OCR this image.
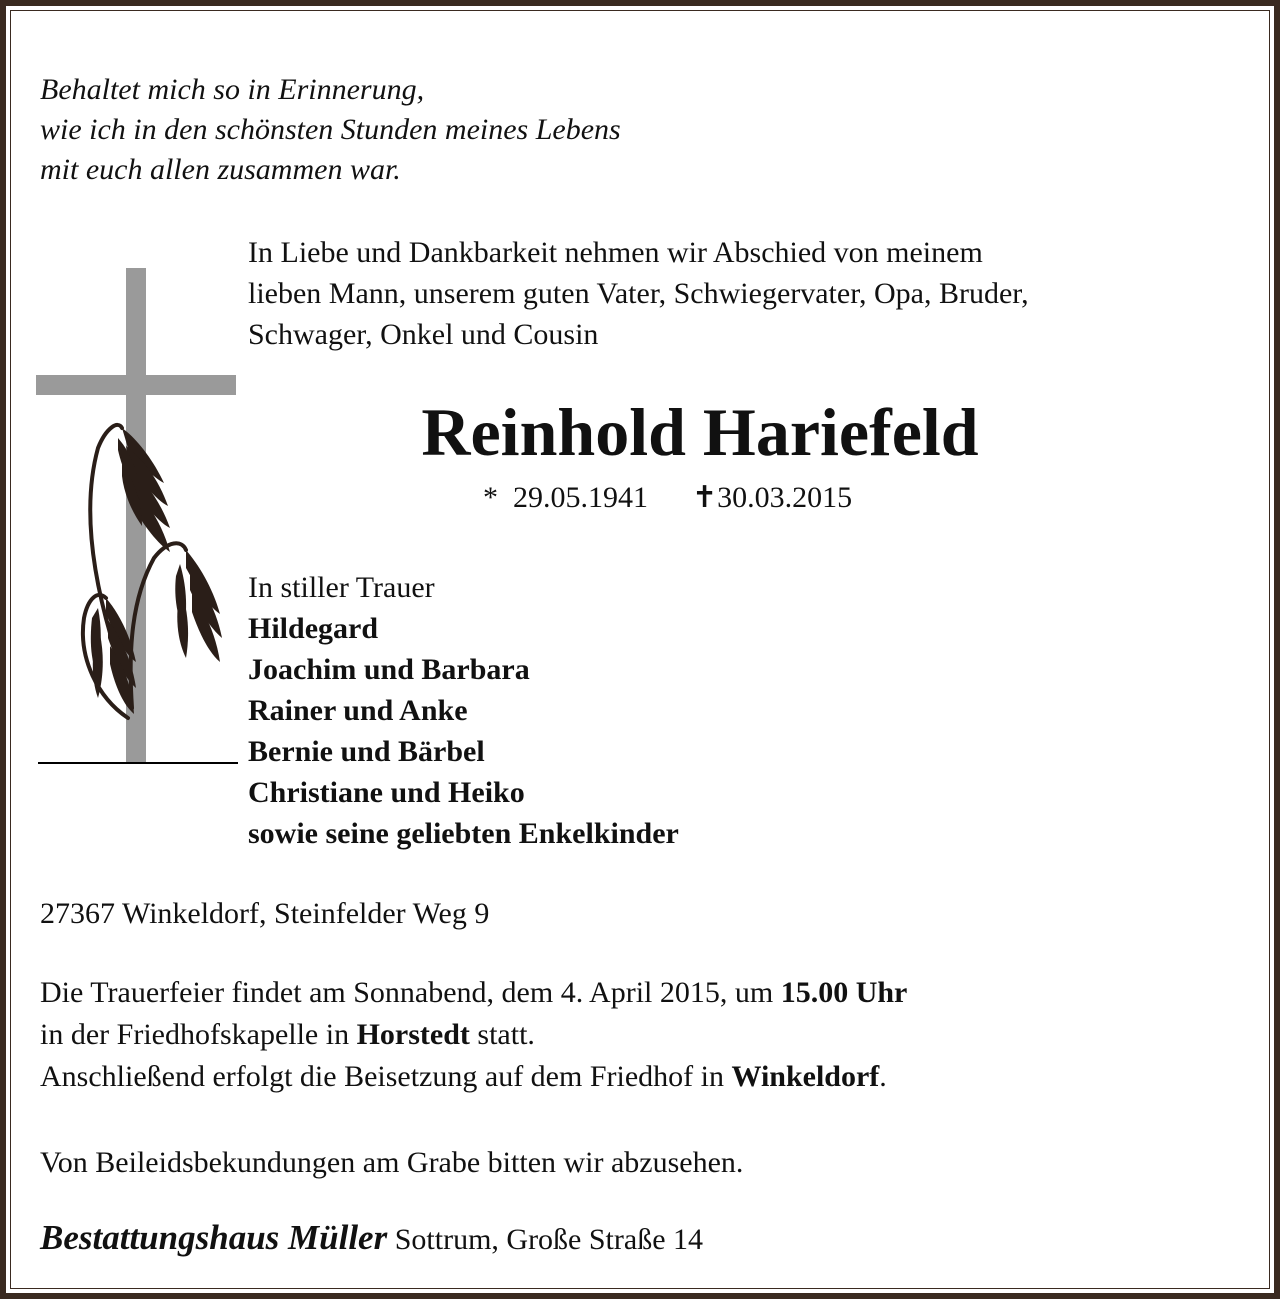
Behaltet mich so in Erinnerung,
wie ich in den schönsten Stunden meines Lebens
mit euch allen zusammen war.
In Liebe und Dankbarkeit nehmen wir Abschied von meinem
lieben Mann, unserem guten Vater, Schwiegervater, Opa, Bruder,
Schwager, Onkel und Cousin
Reinhold Hariefeld
* 29.05.1941 ✝30.03.2015
In stiller Trauer
Hildegard
Joachim und Barbara
Rainer und Anke
Bernie und Bärbel
Christiane und Heiko
sowie seine geliebten Enkelkinder
27367 Winkeldorf, Steinfelder Weg 9
Die Trauerfeier findet am Sonnabend, dem 4. April 2015, um 15.00 Uhr
in der Friedhofskapelle in Horstedt statt.
Anschließend erfolgt die Beisetzung auf dem Friedhof in Winkeldorf.
Von Beileidsbekundungen am Grabe bitten wir abzusehen.
Bestattungshaus Müller Sottrum, Große Straße 14
